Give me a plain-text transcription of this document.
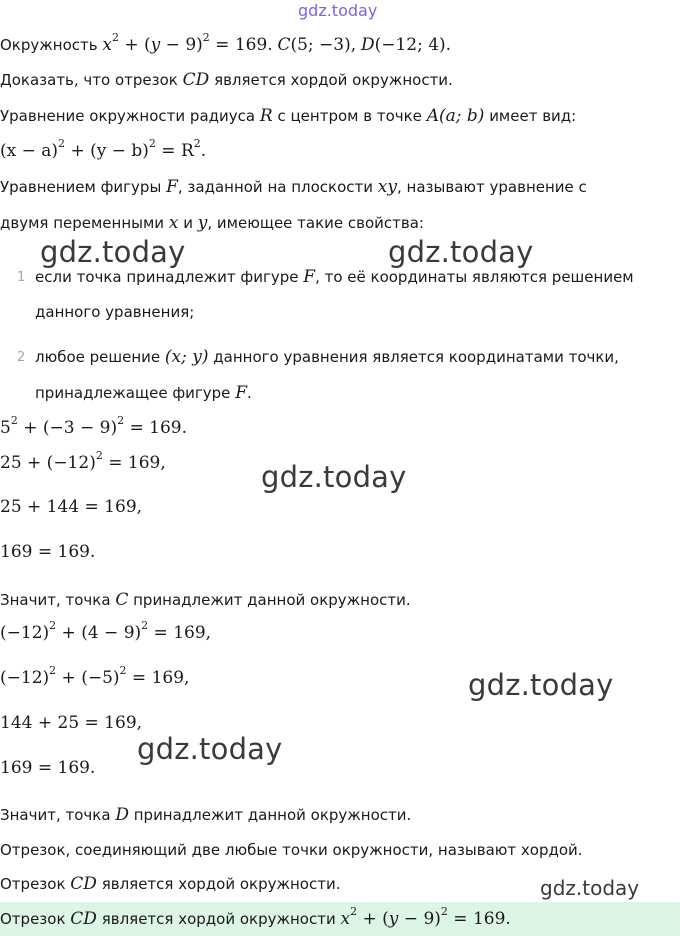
gdz.today
Окружность $x^2 + (y - 9)^2 = 169$. C(5; −3), D(−12; 4).
Доказать, что отрезок CD является хордой окружности.
Уравнение окружности радиуса R с центром в точке A(a; b) имеет вид:
$(x - a)^2 + (y - b)^2 = R^2$.
Уравнением фигуры F, заданной на плоскости xy, называют уравнение с
двумя переменными x и y, имеющее такие свойства:
1 если точка принадлежит фигуре F, то её координаты являются решением
данного уравнения;
2 любое решение (x; y) данного уравнения является координатами точки,
принадлежащее фигуре F.
$5^2 + (-3 - 9)^2 = 169$.
$25 + (-12)^2 = 169$,
25 + 144 = 169,
169 = 169.
Значит, точка C принадлежит данной окружности.
$(-12)^2 + (4 - 9)^2 = 169$,
$(-12)^2 + (-5)^2 = 169$,
144 + 25 = 169,
169 = 169.
Значит, точка D принадлежит данной окружности.
Отрезок, соединяющий две любые точки окружности, называют хордой.
Отрезок CD является хордой окружности.
Отрезок CD является хордой окружности $x^2 + (y - 9)^2 = 169$.
gdz.today	gdz.today
gdz.today
gdz.today
gdz.today
gdz.today
